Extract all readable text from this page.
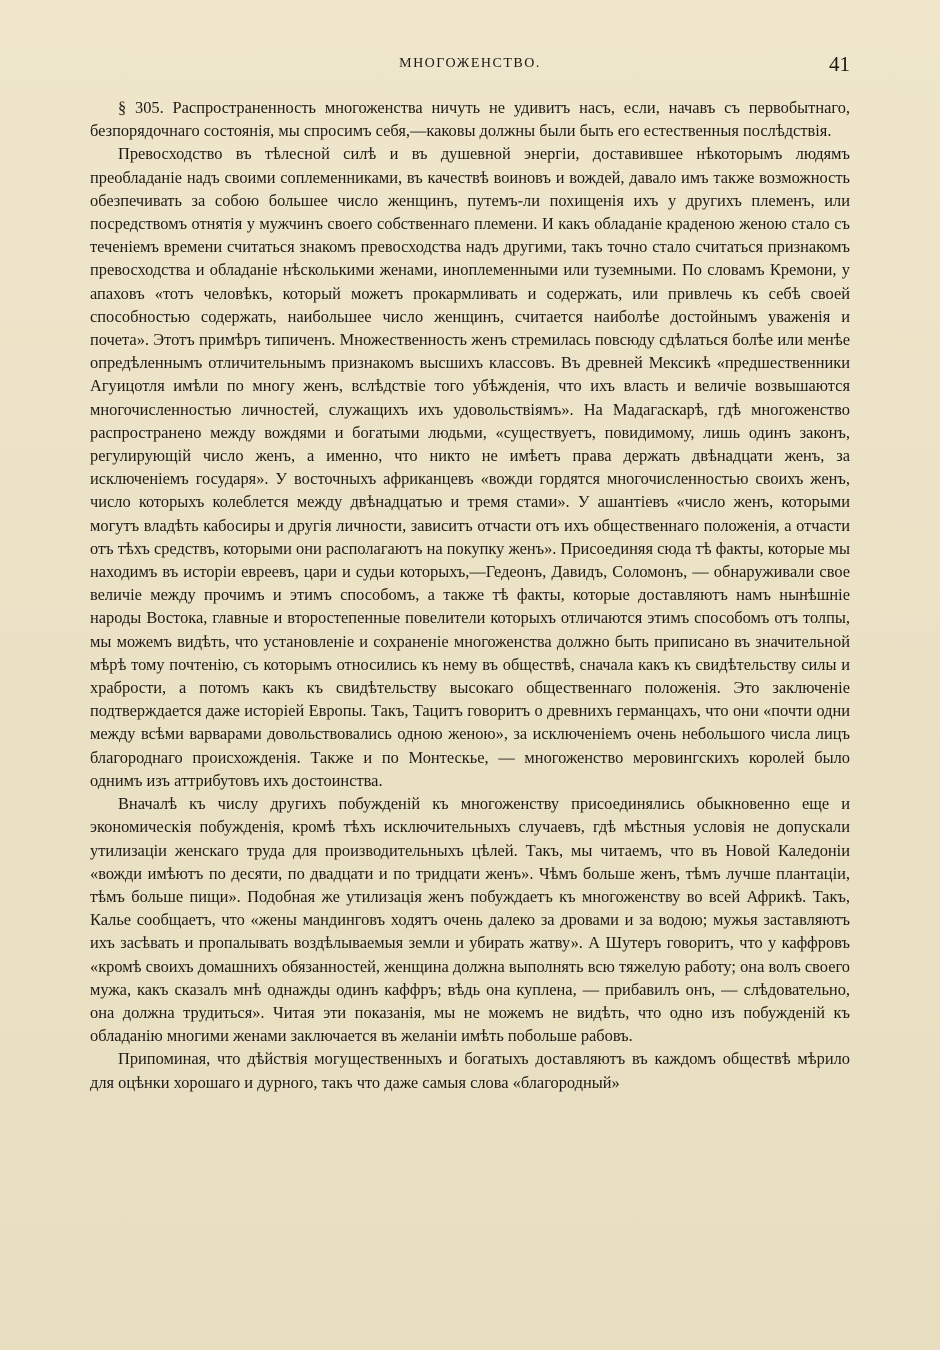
МНОГОЖЕНСТВО.	41

§ 305. Распространенность многоженства ничуть не удивитъ насъ, если, начавъ съ первобытнаго, безпорядочнаго состоянія, мы спросимъ себя,—каковы должны были быть его естественныя послѣдствія.

Превосходство въ тѣлесной силѣ и въ душевной энергіи, доставившее нѣкоторымъ людямъ преобладаніе надъ своими соплеменниками, въ качествѣ воиновъ и вождей, давало имъ также возможность обезпечивать за собою большее число женщинъ, путемъ-ли похищенія ихъ у другихъ племенъ, или посредствомъ отнятія у мужчинъ своего собственнаго племени. И какъ обладаніе краденою женою стало съ теченіемъ времени считаться знакомъ превосходства надъ другими, такъ точно стало считаться признакомъ превосходства и обладаніе нѣсколькими женами, иноплеменными или туземными. По словамъ Кремони, у апаховъ «тотъ человѣкъ, который можетъ прокармливать и содержать, или привлечь къ себѣ своей способностью содержать, наибольшее число женщинъ, считается наиболѣе достойнымъ уваженія и почета». Этотъ примѣръ типиченъ. Множественность женъ стремилась повсюду сдѣлаться болѣе или менѣе опредѣленнымъ отличительнымъ признакомъ высшихъ классовъ. Въ древней Мексикѣ «предшественники Агуицотля имѣли по многу женъ, вслѣдствіе того убѣжденія, что ихъ власть и величіе возвышаются многочисленностью личностей, служащихъ ихъ удовольствіямъ». На Мадагаскарѣ, гдѣ многоженство распространено между вождями и богатыми людьми, «существуетъ, повидимому, лишь одинъ законъ, регулирующій число женъ, а именно, что никто не имѣетъ права держать двѣнадцати женъ, за исключеніемъ государя». У восточныхъ африканцевъ «вожди гордятся многочисленностью своихъ женъ, число которыхъ колеблется между двѣнадцатью и тремя стами». У ашантіевъ «число женъ, которыми могутъ владѣть кабосиры и другія личности, зависитъ отчасти отъ ихъ общественнаго положенія, а отчасти отъ тѣхъ средствъ, которыми они располагаютъ на покупку женъ». Присоединяя сюда тѣ факты, которые мы находимъ въ исторіи евреевъ, цари и судьи которыхъ,—Гедеонъ, Давидъ, Соломонъ, — обнаруживали свое величіе между прочимъ и этимъ способомъ, а также тѣ факты, которые доставляютъ намъ нынѣшніе народы Востока, главные и второстепенные повелители которыхъ отличаются этимъ способомъ отъ толпы, мы можемъ видѣть, что установленіе и сохраненіе многоженства должно быть приписано въ значительной мѣрѣ тому почтенію, съ которымъ относились къ нему въ обществѣ, сначала какъ къ свидѣтельству силы и храбрости, а потомъ какъ къ свидѣтельству высокаго общественнаго положенія. Это заключеніе подтверждается даже исторіей Европы. Такъ, Тацитъ говоритъ о древнихъ германцахъ, что они «почти одни между всѣми варварами довольствовались одною женою», за исключеніемъ очень небольшого числа лицъ благороднаго происхожденія. Также и по Монтескье, — многоженство меровингскихъ королей было однимъ изъ аттрибутовъ ихъ достоинства.

Вначалѣ къ числу другихъ побужденій къ многоженству присоединялись обыкновенно еще и экономическія побужденія, кромѣ тѣхъ исключительныхъ случаевъ, гдѣ мѣстныя условія не допускали утилизаціи женскаго труда для производительныхъ цѣлей. Такъ, мы читаемъ, что въ Новой Каледоніи «вожди имѣютъ по десяти, по двадцати и по тридцати женъ». Чѣмъ больше женъ, тѣмъ лучше плантаціи, тѣмъ больше пищи». Подобная же утилизація женъ побуждаетъ къ многоженству во всей Африкѣ. Такъ, Калье сообщаетъ, что «жены мандинговъ ходятъ очень далеко за дровами и за водою; мужья заставляютъ ихъ засѣвать и пропалывать воздѣлываемыя земли и убирать жатву». А Шутеръ говоритъ, что у каффровъ «кромѣ своихъ домашнихъ обязанностей, женщина должна выполнять всю тяжелую работу; она волъ своего мужа, какъ сказалъ мнѣ однажды одинъ каффръ; вѣдь она куплена, — прибавилъ онъ, — слѣдовательно, она должна трудиться». Читая эти показанія, мы не можемъ не видѣть, что одно изъ побужденій къ обладанію многими женами заключается въ желаніи имѣть побольше рабовъ.

Припоминая, что дѣйствія могущественныхъ и богатыхъ доставляютъ въ каждомъ обществѣ мѣрило для оцѣнки хорошаго и дурного, такъ что даже самыя слова «благородный»
